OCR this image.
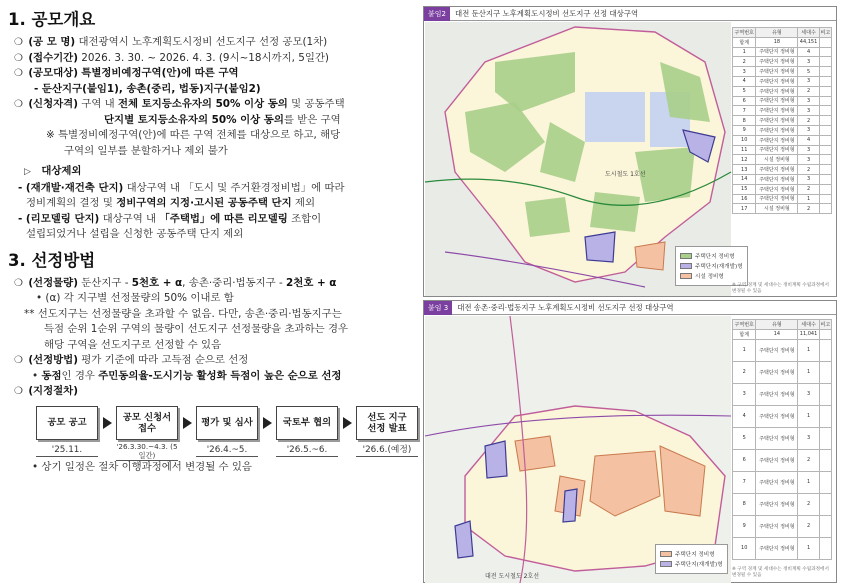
1. 공모개요
❍ (공 모 명) 대전광역시 노후계획도시정비 선도지구 선정 공모(1차)
❍ (접수기간) 2026. 3. 30. ~ 2026. 4. 3. (9시~18시까지, 5일간)
❍ (공모대상) 특별정비예정구역(안)에 따른 구역
- 둔산지구(붙임1), 송촌(중리, 법동)지구(붙임2)
❍ (신청자격) 구역 내 전체 토지등소유자의 50% 이상 동의 및 공동주택
단지별 토지등소유자의 50% 이상 동의를 받은 구역
※ 특별정비예정구역(안)에 따른 구역 전체를 대상으로 하고, 해당
구역의 일부를 분할하거나 제외 불가
▷ 대상제외
- (재개발·재건축 단지) 대상구역 내 「도시 및 주거환경정비법」에 따라
정비계획의 결정 및 정비구역의 지정·고시된 공동주택 단지 제외
- (리모델링 단지) 대상구역 내 「주택법」에 따른 리모델링 조합이
설립되었거나 설립을 신청한 공동주택 단지 제외
3. 선정방법
❍ (선정물량) 둔산지구 - 5천호 + α, 송촌·중리·법동지구 - 2천호 + α
• (α) 각 지구별 선정물량의 50% 이내로 함
** 선도지구는 선정물량을 초과할 수 없음. 다만, 송촌·중리·법동지구는
득점 순위 1순위 구역의 물량이 선도지구 선정물량을 초과하는 경우
해당 구역을 선도지구로 선정할 수 있음
❍ (선정방법) 평가 기준에 따라 고득점 순으로 선정
• 동점인 경우 주민동의율-도시기능 활성화 득점이 높은 순으로 선정
❍ (지정절차)
공모 공고
'25.11.
공모 신청서
접수
'26.3.30.~4.3. (5일간)
평가 및 심사
'26.4.~5.
국토부 협의
'26.5.~6.
선도 지구
선정 발표
'26.6.(예정)
• 상기 일정은 절차 이행과정에서 변경될 수 있음
붙임2	대전 둔산지구 노후계획도시정비 선도지구 선정 대상구역
도시철도 1호선
주택단지 정비형
주택단지(재개발)형
시설 정비형
구역번호	유형	세대수	비고
합계	18	44,151	
1	주택단지 정비형	4	
2	주택단지 정비형	3	
3	주택단지 정비형	5	
4	주택단지 정비형	3	
5	주택단지 정비형	2	
6	주택단지 정비형	3	
7	주택단지 정비형	3	
8	주택단지 정비형	2	
9	주택단지 정비형	3	
10	주택단지 정비형	4	
11	주택단지 정비형	3	
12	시설 정비형	3	
13	주택단지 정비형	2	
14	주택단지 정비형	3	
15	주택단지 정비형	2	
16	주택단지 정비형	1	
17	시설 정비형	2	
※ 구역 경계 및 세대수는 정비계획 수립과정에서 변경될 수 있음
붙임 3	대전 송촌·중리·법동지구 노후계획도시정비 선도지구 선정 대상구역
대전 도시철도 2호선
주택단지 정비형
주택단지(재개발)형
구역번호	유형	세대수	비고
합계	14	11,041	
1	주택단지 정비형	1	
2	주택단지 정비형	1	
3	주택단지 정비형	3	
4	주택단지 정비형	1	
5	주택단지 정비형	3	
6	주택단지 정비형	2	
7	주택단지 정비형	1	
8	주택단지 정비형	2	
9	주택단지 정비형	2	
10	주택단지 정비형	1	
※ 구역 경계 및 세대수는 정비계획 수립과정에서 변경될 수 있음
